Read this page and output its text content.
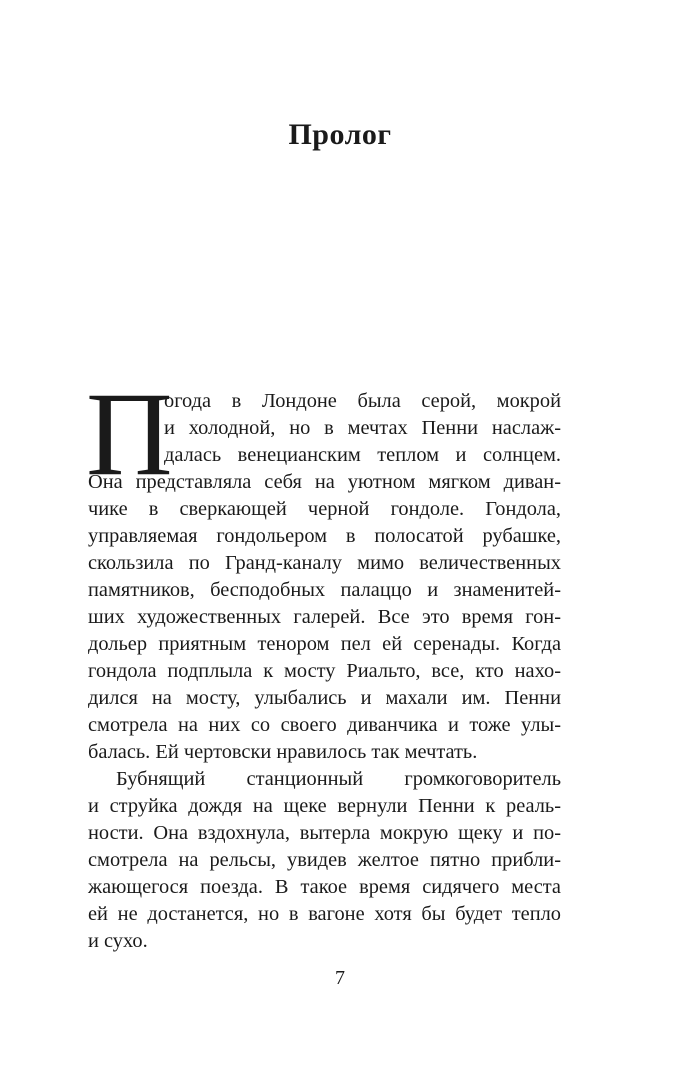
Пролог
П
огода в Лондоне была серой, мокрой
и холодной, но в мечтах Пенни наслаж-
далась венецианским теплом и солнцем.
Она представляла себя на уютном мягком диван-
чике в сверкающей черной гондоле. Гондола,
управляемая гондольером в полосатой рубашке,
скользила по Гранд-каналу мимо величественных
памятников, бесподобных палаццо и знаменитей-
ших художественных галерей. Все это время гон-
дольер приятным тенором пел ей серенады. Когда
гондола подплыла к мосту Риальто, все, кто нахо-
дился на мосту, улыбались и махали им. Пенни
смотрела на них со своего диванчика и тоже улы-
балась. Ей чертовски нравилось так мечтать.
Бубнящий станционный громкоговоритель
и струйка дождя на щеке вернули Пенни к реаль-
ности. Она вздохнула, вытерла мокрую щеку и по-
смотрела на рельсы, увидев желтое пятно прибли-
жающегося поезда. В такое время сидячего места
ей не достанется, но в вагоне хотя бы будет тепло
и сухо.
7
